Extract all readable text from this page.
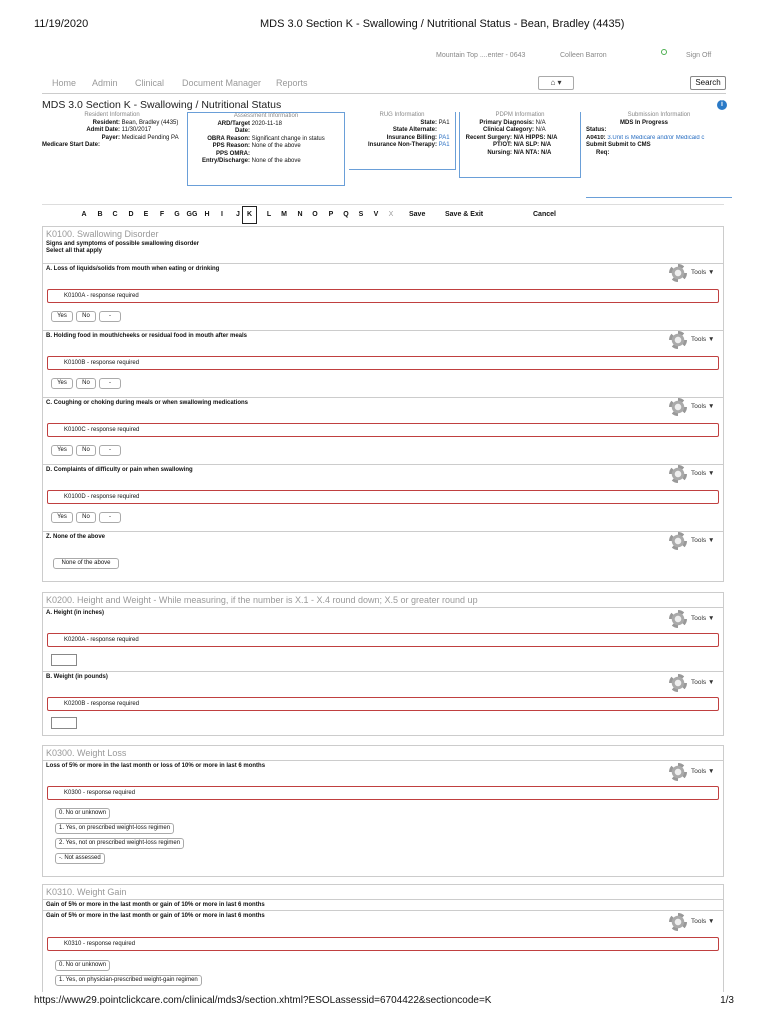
11/19/2020	MDS 3.0 Section K - Swallowing / Nutritional Status - Bean, Bradley (4435)
Mountain Top ....enter - 0643	Colleen Barron	Sign Off
Home Admin Clinical Document Manager Reports	⌂ ▾	Search
MDS 3.0 Section K - Swallowing / Nutritional Status	i
Resident Information
Resident:
Bean, Bradley (4435)
Admit Date:
11/30/2017
Payer:
Medicaid Pending PA
Medicare Start Date:
Assessment Information
ARD/Target
2020-11-18
Date:

OBRA Reason:
Significant change in status
PPS Reason:
None of the above
PPS OMRA:

Entry/Discharge:
None of the above
RUG Information
State:
PA1
State Alternate:

Insurance Billing:
PA1
Insurance Non-Therapy:
PA1
PDPM Information
Primary Diagnosis:
N/A
Clinical Category:
N/A
Recent Surgery:
N/A HIPPS: N/A
PT/OT:
N/A SLP: N/A
Nursing:
N/A NTA: N/A
Submission Information
MDS In Progress
Status:
A0410:
3.Unit is Medicare and/or Medicaid c
Submit Submit to CMS
Req:
A	B	C	D	E	F	G GG	H	I	J	K	L	M	N	O	P	Q	S	V	X	Save	Save & Exit	Cancel
K0100. Swallowing Disorder
Signs and symptoms of possible swallowing disorder
Select all that apply
A. Loss of liquids/solids from mouth when eating or drinking	Tools ▼
K0100A - response required
Yes	No	-
B. Holding food in mouth/cheeks or residual food in mouth after meals	Tools ▼
K0100B - response required
Yes	No	-
C. Coughing or choking during meals or when swallowing medications	Tools ▼
K0100C - response required
Yes	No	-
D. Complaints of difficulty or pain when swallowing	Tools ▼
K0100D - response required
Yes	No	-
Z. None of the above	Tools ▼
None of the above
K0200. Height and Weight - While measuring, if the number is X.1 - X.4 round down; X.5 or greater round up
A. Height (in inches)
Tools ▼
K0200A - response required
B. Weight (in pounds)
Tools ▼
K0200B - response required
K0300. Weight Loss
Loss of 5% or more in the last month or loss of 10% or more in last 6 months
Tools ▼
K0300 - response required
0. No or unknown
1. Yes, on prescribed weight-loss regimen
2. Yes, not on prescribed weight-loss regimen
-. Not assessed
K0310. Weight Gain
Gain of 5% or more in the last month or gain of 10% or more in last 6 months
Gain of 5% or more in the last month or gain of 10% or more in last 6 months
Tools ▼
K0310 - response required
0. No or unknown
1. Yes, on physician-prescribed weight-gain regimen
https://www29.pointclickcare.com/clinical/mds3/section.xhtml?ESOLassessid=6704422&sectioncode=K	1/3
